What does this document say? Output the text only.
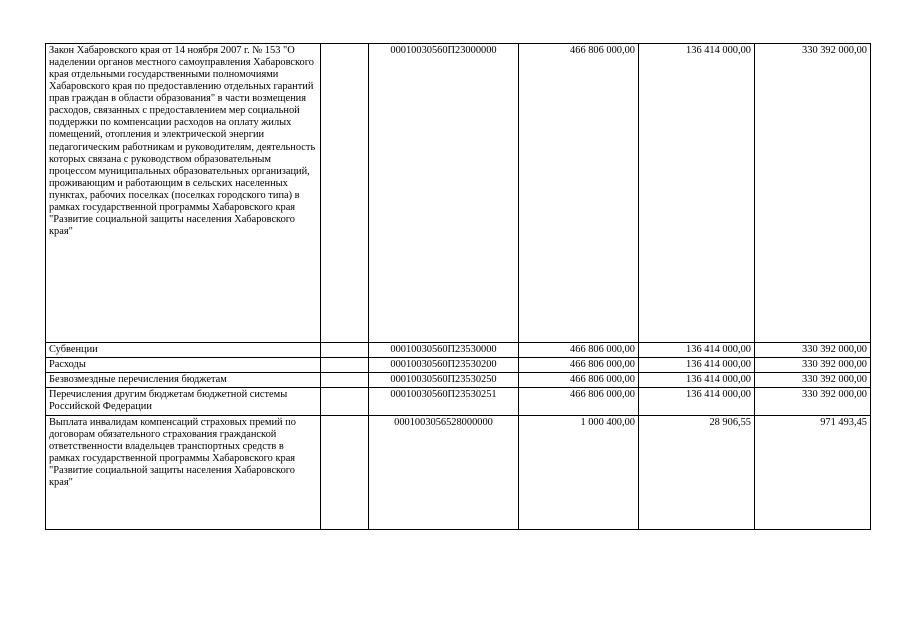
Закон Хабаровского края от 14 ноября 2007 г. № 153 "О наделении органов местного самоуправления Хабаровского края отдельными государственными полномочиями Хабаровского края по предоставлению отдельных гарантий прав граждан в области образования" в части возмещения расходов, связанных с предоставлением мер социальной поддержки по компенсации расходов на оплату жилых помещений, отопления и электрической энергии педагогическим работникам и руководителям, деятельность которых связана с руководством образовательным процессом муниципальных образовательных организаций, проживающим и работающим в сельских населенных пунктах, рабочих поселках (поселках городского типа) в рамках государственной программы Хабаровского края "Развитие социальной защиты населения Хабаровского края"		00010030560П23000000	466 806 000,00	136 414 000,00	330 392 000,00
Субвенции		00010030560П23530000	466 806 000,00	136 414 000,00	330 392 000,00
Расходы		00010030560П23530200	466 806 000,00	136 414 000,00	330 392 000,00
Безвозмездные перечисления бюджетам		00010030560П23530250	466 806 000,00	136 414 000,00	330 392 000,00
Перечисления другим бюджетам бюджетной системы Российской Федерации		00010030560П23530251	466 806 000,00	136 414 000,00	330 392 000,00
Выплата инвалидам компенсаций страховых премий по договорам обязательного страхования гражданской ответственности владельцев транспортных средств в рамках государственной программы Хабаровского края "Развитие социальной защиты населения Хабаровского края"		0001003056528000000	1 000 400,00	28 906,55	971 493,45
